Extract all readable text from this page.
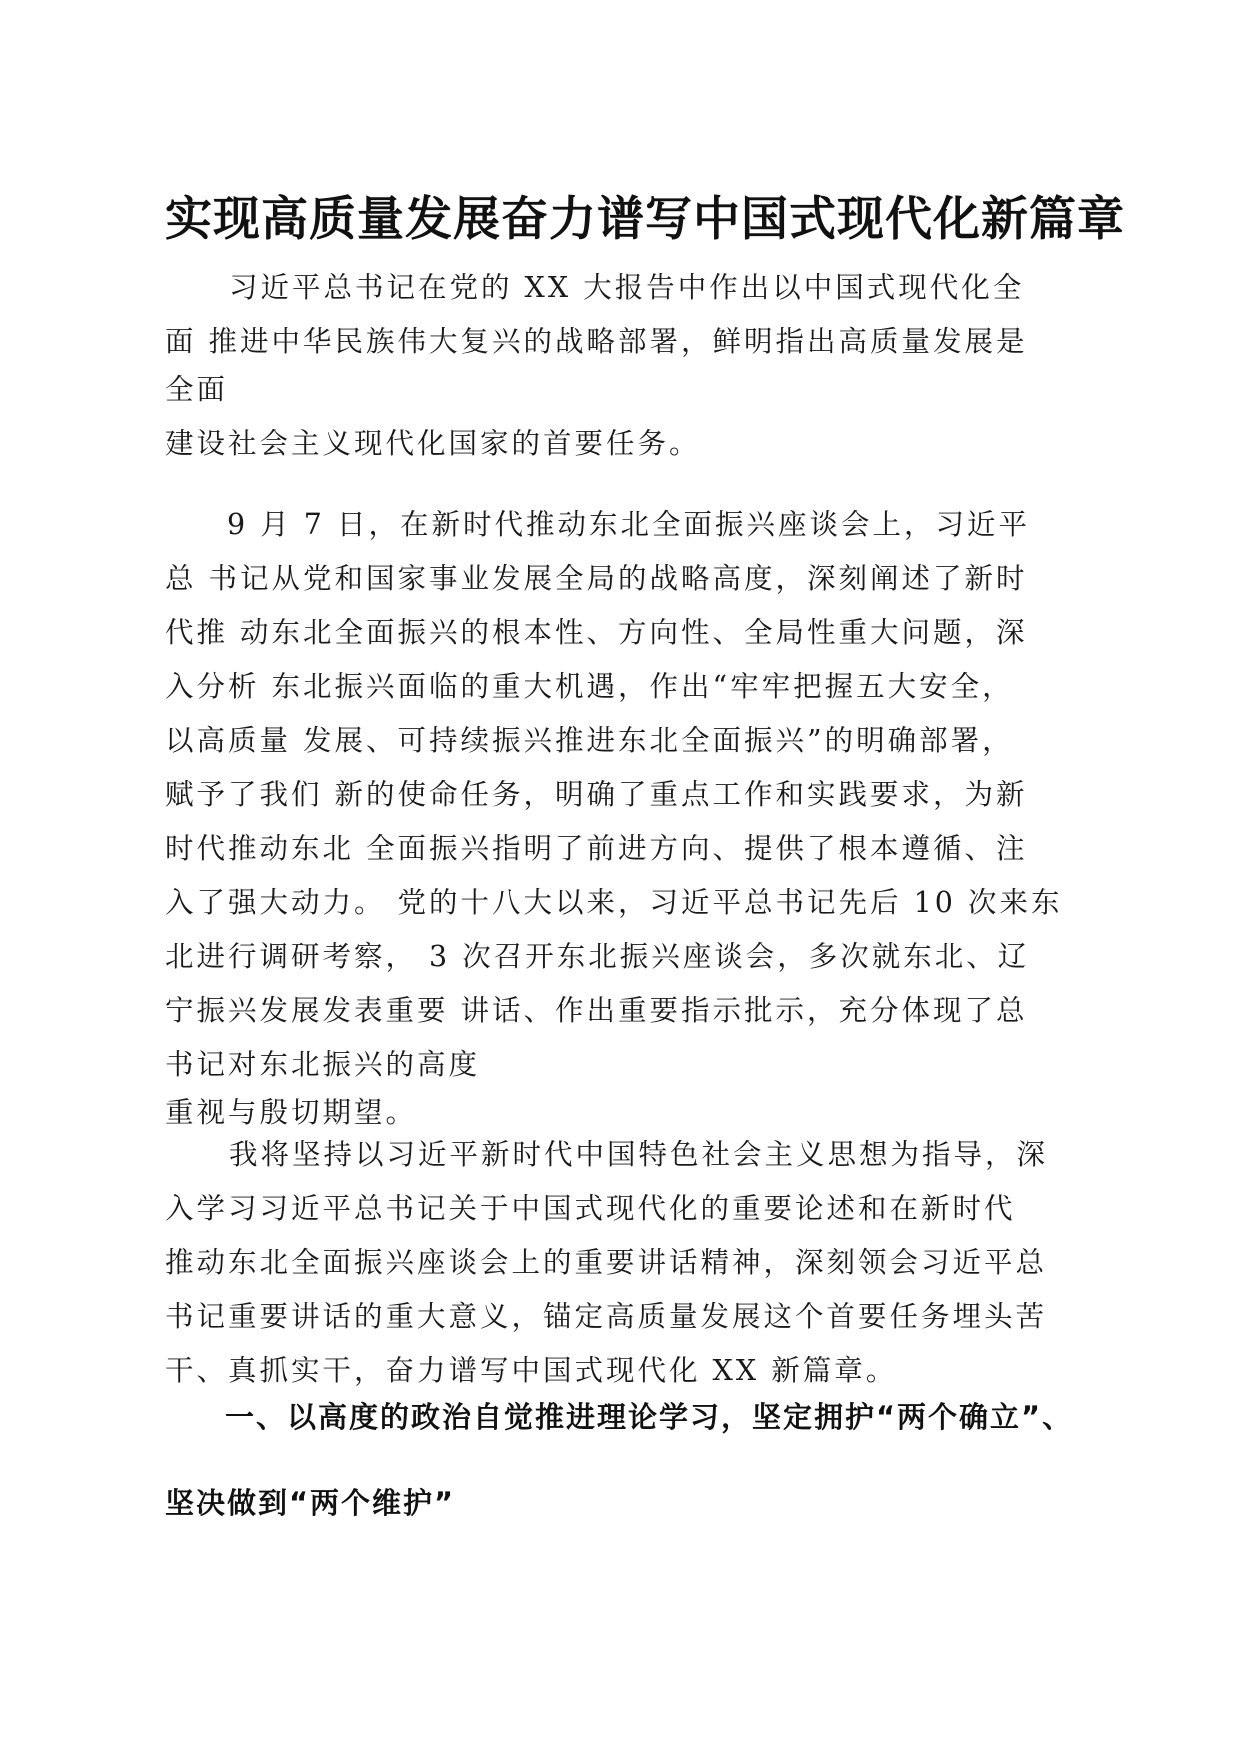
实现高质量发展奋力谱写中国式现代化新篇章
习近平总书记在党的 XX 大报告中作出以中国式现代化全
面 推进中华民族伟大复兴的战略部署，鲜明指出高质量发展是
全面
建设社会主义现代化国家的首要任务。
9 月 7 日，在新时代推动东北全面振兴座谈会上，习近平
总 书记从党和国家事业发展全局的战略高度，深刻阐述了新时
代推 动东北全面振兴的根本性、方向性、全局性重大问题，深
入分析 东北振兴面临的重大机遇，作出“牢牢把握五大安全，
以高质量 发展、可持续振兴推进东北全面振兴”的明确部署，
赋予了我们 新的使命任务，明确了重点工作和实践要求，为新
时代推动东北 全面振兴指明了前进方向、提供了根本遵循、注
入了强大动力。 党的十八大以来，习近平总书记先后 10 次来东
北进行调研考察， 3 次召开东北振兴座谈会，多次就东北、辽
宁振兴发展发表重要 讲话、作出重要指示批示，充分体现了总
书记对东北振兴的高度
重视与殷切期望。
我将坚持以习近平新时代中国特色社会主义思想为指导，深
入学习习近平总书记关于中国式现代化的重要论述和在新时代
推动东北全面振兴座谈会上的重要讲话精神，深刻领会习近平总
书记重要讲话的重大意义，锚定高质量发展这个首要任务埋头苦
干、真抓实干，奋力谱写中国式现代化 XX 新篇章。
一、以高度的政治自觉推进理论学习，坚定拥护“两个确立”、
坚决做到“两个维护”
